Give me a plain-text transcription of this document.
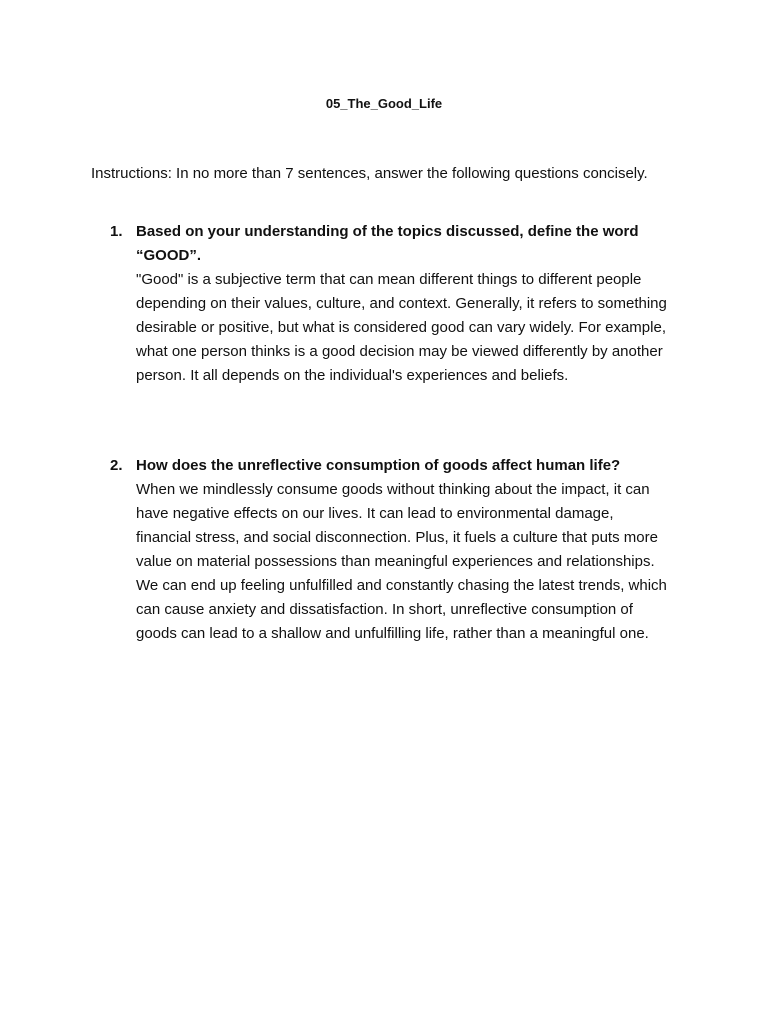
05_The_Good_Life
Instructions: In no more than 7 sentences, answer the following questions concisely.
1. Based on your understanding of the topics discussed, define the word “GOOD”.
"Good" is a subjective term that can mean different things to different people depending on their values, culture, and context. Generally, it refers to something desirable or positive, but what is considered good can vary widely. For example, what one person thinks is a good decision may be viewed differently by another person. It all depends on the individual's experiences and beliefs.
2. How does the unreflective consumption of goods affect human life?
When we mindlessly consume goods without thinking about the impact, it can have negative effects on our lives. It can lead to environmental damage, financial stress, and social disconnection. Plus, it fuels a culture that puts more value on material possessions than meaningful experiences and relationships. We can end up feeling unfulfilled and constantly chasing the latest trends, which can cause anxiety and dissatisfaction. In short, unreflective consumption of goods can lead to a shallow and unfulfilling life, rather than a meaningful one.
